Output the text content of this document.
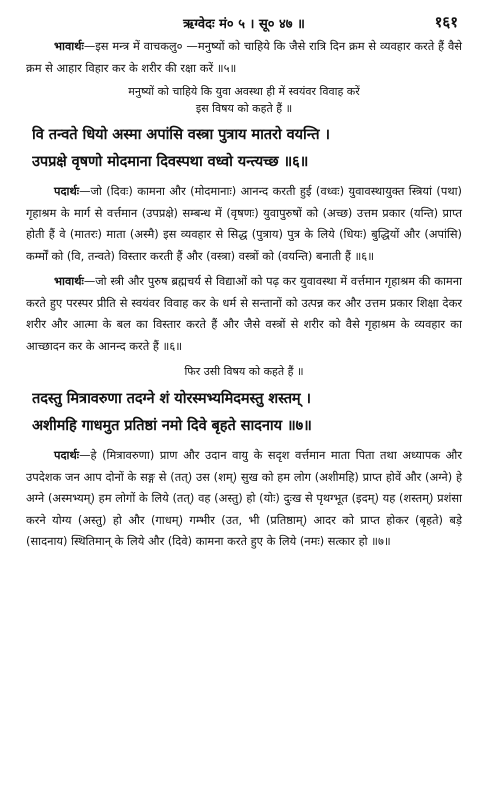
ऋग्वेदः मं० ५ । सू० ४७ ॥	१६१

भावार्थः—इस मन्त्र में वाचकलु० —मनुष्यों को चाहिये कि जैसे रात्रि दिन क्रम से व्यवहार करते हैं वैसे क्रम से आहार विहार कर के शरीर की रक्षा करें ॥५॥

मनुष्यों को चाहिये कि युवा अवस्था ही में स्वयंवर विवाह करें
इस विषय को कहते हैं ॥
वि तन्वते धियो अस्मा अपांसि वस्त्रा पुत्राय मातरो वयन्ति ।
उपप्रक्षे वृषणो मोदमाना दिवस्पथा वध्वो यन्त्यच्छ ॥६॥

पदार्थः—जो (दिवः) कामना और (मोदमानाः) आनन्द करती हुई (वध्वः) युवावस्थायुक्त स्त्रियां (पथा) गृहाश्रम के मार्ग से वर्त्तमान (उपप्रक्षे) सम्बन्ध में (वृषणः) युवापुरुषों को (अच्छ) उत्तम प्रकार (यन्ति) प्राप्त होती हैं वे (मातरः) माता (अस्मै) इस व्यवहार से सिद्ध (पुत्राय) पुत्र के लिये (धियः) बुद्धियों और (अपांसि) कर्म्मों को (वि, तन्वते) विस्तार करती हैं और (वस्त्रा) वस्त्रों को (वयन्ति) बनाती हैं ॥६॥

भावार्थः—जो स्त्री और पुरुष ब्रह्मचर्य से विद्याओं को पढ़ कर युवावस्था में वर्त्तमान गृहाश्रम की कामना करते हुए परस्पर प्रीति से स्वयंवर विवाह कर के धर्म से सन्तानों को उत्पन्न कर और उत्तम प्रकार शिक्षा देकर शरीर और आत्मा के बल का विस्तार करते हैं और जैसे वस्त्रों से शरीर को वैसे गृहाश्रम के व्यवहार का आच्छादन कर के आनन्द करते हैं ॥६॥

फिर उसी विषय को कहते हैं ॥
तदस्तु मित्रावरुणा तदग्ने शं योरस्मभ्यमिदमस्तु शस्तम् ।
अशीमहि गाधमुत प्रतिष्ठां नमो दिवे बृहते सादनाय ॥७॥

पदार्थः—हे (मित्रावरुणा) प्राण और उदान वायु के सदृश वर्त्तमान माता पिता तथा अध्यापक और उपदेशक जन आप दोनों के सङ्ग से (तत्) उस (शम्) सुख को हम लोग (अशीमहि) प्राप्त होवें और (अग्ने) हे अग्ने (अस्मभ्यम्) हम लोगों के लिये (तत्) वह (अस्तु) हो (योः) दुःख से पृथग्भूत (इदम्) यह (शस्तम्) प्रशंसा करने योग्य (अस्तु) हो और (गाधम्) गम्भीर (उत, भी (प्रतिष्ठाम्) आदर को प्राप्त होकर (बृहते) बड़े (सादनाय) स्थितिमान् के लिये और (दिवे) कामना करते हुए के लिये (नमः) सत्कार हो ॥७॥
